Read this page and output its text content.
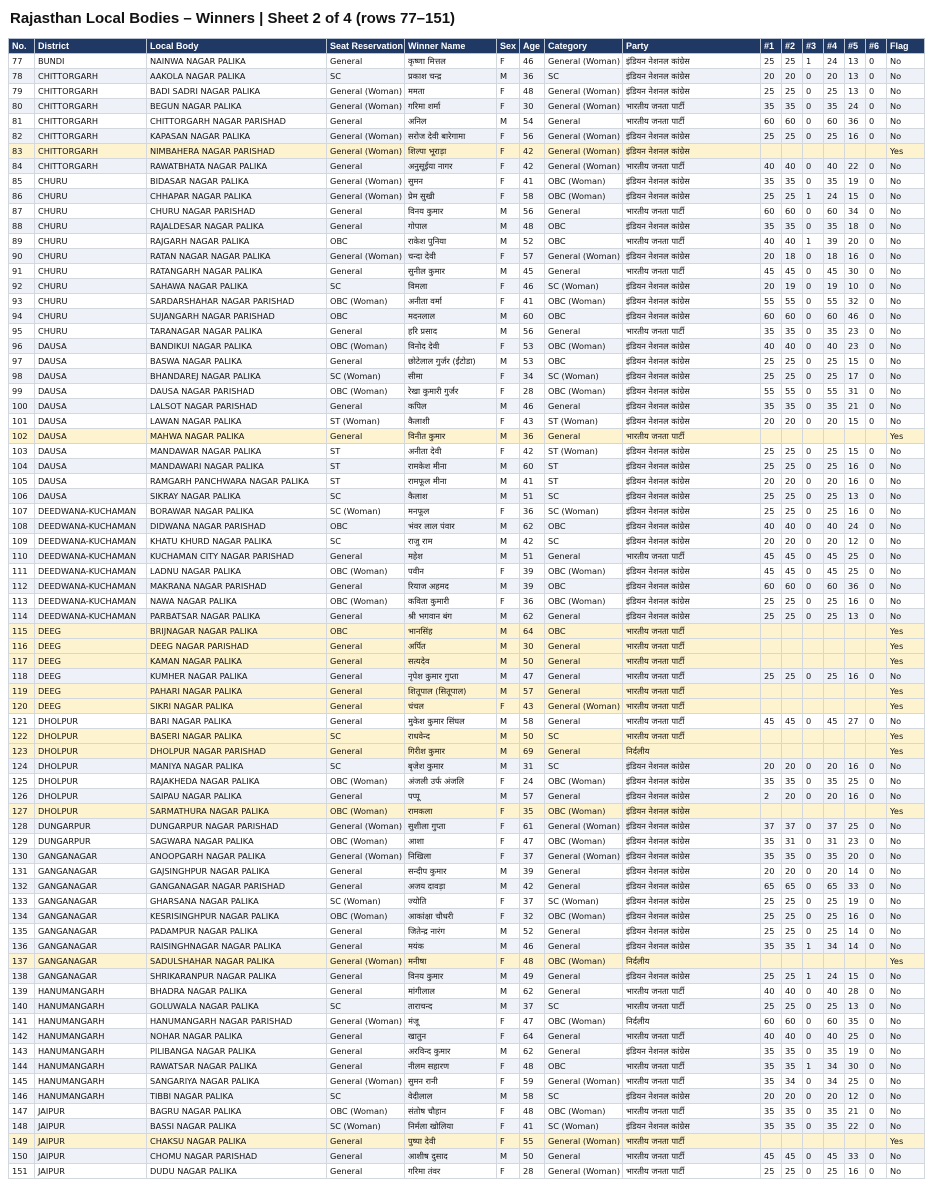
Rajasthan Local Bodies – Winners | Sheet 2 of 4 (rows 77–151)
No.	District	Local Body	Seat Reservation	Winner Name	Sex	Age	Category	Party	#1	#2	#3	#4	#5	#6	Flag
77	BUNDI	NAINWA NAGAR PALIKA	General	कृष्णा मित्तल	F	46	General (Woman)	इंडियन नेशनल कांग्रेस	25	25	1	24	13	0	No
78	CHITTORGARH	AAKOLA NAGAR PALIKA	SC	प्रकाश चन्द्र	M	36	SC	इंडियन नेशनल कांग्रेस	20	20	0	20	13	0	No
79	CHITTORGARH	BADI SADRI NAGAR PALIKA	General (Woman)	ममता	F	48	General (Woman)	इंडियन नेशनल कांग्रेस	25	25	0	25	13	0	No
80	CHITTORGARH	BEGUN NAGAR PALIKA	General (Woman)	गरिमा शर्मा	F	30	General (Woman)	भारतीय जनता पार्टी	35	35	0	35	24	0	No
81	CHITTORGARH	CHITTORGARH NAGAR PARISHAD	General	अनिल	M	54	General	भारतीय जनता पार्टी	60	60	0	60	36	0	No
82	CHITTORGARH	KAPASAN NAGAR PALIKA	General (Woman)	सरोज देवी बारेगामा	F	56	General (Woman)	इंडियन नेशनल कांग्रेस	25	25	0	25	16	0	No
83	CHITTORGARH	NIMBAHERA NAGAR PARISHAD	General (Woman)	शिल्पा भूराड़ा	F	42	General (Woman)	इंडियन नेशनल कांग्रेस							Yes
84	CHITTORGARH	RAWATBHATA NAGAR PALIKA	General	अनुसूईया नागर	F	42	General (Woman)	भारतीय जनता पार्टी	40	40	0	40	22	0	No
85	CHURU	BIDASAR NAGAR PALIKA	General (Woman)	सुमन	F	41	OBC (Woman)	इंडियन नेशनल कांग्रेस	35	35	0	35	19	0	No
86	CHURU	CHHAPAR NAGAR PALIKA	General (Woman)	प्रेम सुखी	F	58	OBC (Woman)	इंडियन नेशनल कांग्रेस	25	25	1	24	15	0	No
87	CHURU	CHURU NAGAR PARISHAD	General	विनय कुमार	M	56	General	भारतीय जनता पार्टी	60	60	0	60	34	0	No
88	CHURU	RAJALDESAR NAGAR PALIKA	General	गोपाल	M	48	OBC	इंडियन नेशनल कांग्रेस	35	35	0	35	18	0	No
89	CHURU	RAJGARH NAGAR PALIKA	OBC	राकेश पुनिया	M	52	OBC	भारतीय जनता पार्टी	40	40	1	39	20	0	No
90	CHURU	RATAN NAGAR NAGAR PALIKA	General (Woman)	चन्दा देवी	F	57	General (Woman)	इंडियन नेशनल कांग्रेस	20	18	0	18	16	0	No
91	CHURU	RATANGARH NAGAR PALIKA	General	सुनील कुमार	M	45	General	भारतीय जनता पार्टी	45	45	0	45	30	0	No
92	CHURU	SAHAWA NAGAR PALIKA	SC	विमला	F	46	SC (Woman)	इंडियन नेशनल कांग्रेस	20	19	0	19	10	0	No
93	CHURU	SARDARSHAHAR NAGAR PARISHAD	OBC (Woman)	अनीता वर्मा	F	41	OBC (Woman)	इंडियन नेशनल कांग्रेस	55	55	0	55	32	0	No
94	CHURU	SUJANGARH NAGAR PARISHAD	OBC	मदनलाल	M	60	OBC	इंडियन नेशनल कांग्रेस	60	60	0	60	46	0	No
95	CHURU	TARANAGAR NAGAR PALIKA	General	हरि प्रसाद	M	56	General	भारतीय जनता पार्टी	35	35	0	35	23	0	No
96	DAUSA	BANDIKUI NAGAR PALIKA	OBC (Woman)	विनोद देवी	F	53	OBC (Woman)	इंडियन नेशनल कांग्रेस	40	40	0	40	23	0	No
97	DAUSA	BASWA NAGAR PALIKA	General	छोटेलाल गुर्जर (ईंटोडा)	M	53	OBC	इंडियन नेशनल कांग्रेस	25	25	0	25	15	0	No
98	DAUSA	BHANDAREJ NAGAR PALIKA	SC (Woman)	सीमा	F	34	SC (Woman)	इंडियन नेशनल कांग्रेस	25	25	0	25	17	0	No
99	DAUSA	DAUSA NAGAR PARISHAD	OBC (Woman)	रेखा कुमारी गुर्जर	F	28	OBC (Woman)	इंडियन नेशनल कांग्रेस	55	55	0	55	31	0	No
100	DAUSA	LALSOT NAGAR PARISHAD	General	कपिल	M	46	General	इंडियन नेशनल कांग्रेस	35	35	0	35	21	0	No
101	DAUSA	LAWAN NAGAR PALIKA	ST (Woman)	कैलाशी	F	43	ST (Woman)	इंडियन नेशनल कांग्रेस	20	20	0	20	15	0	No
102	DAUSA	MAHWA NAGAR PALIKA	General	विनीत कुमार	M	36	General	भारतीय जनता पार्टी							Yes
103	DAUSA	MANDAWAR NAGAR PALIKA	ST	अनीता देवी	F	42	ST (Woman)	इंडियन नेशनल कांग्रेस	25	25	0	25	15	0	No
104	DAUSA	MANDAWARI NAGAR PALIKA	ST	रामकेश मीना	M	60	ST	इंडियन नेशनल कांग्रेस	25	25	0	25	16	0	No
105	DAUSA	RAMGARH PANCHWARA NAGAR PALIKA	ST	रामफूल मीना	M	41	ST	इंडियन नेशनल कांग्रेस	20	20	0	20	16	0	No
106	DAUSA	SIKRAY NAGAR PALIKA	SC	कैलाश	M	51	SC	इंडियन नेशनल कांग्रेस	25	25	0	25	13	0	No
107	DEEDWANA-KUCHAMAN	BORAWAR NAGAR PALIKA	SC (Woman)	मनफूल	F	36	SC (Woman)	इंडियन नेशनल कांग्रेस	25	25	0	25	16	0	No
108	DEEDWANA-KUCHAMAN	DIDWANA NAGAR PARISHAD	OBC	भंवर लाल पंवार	M	62	OBC	इंडियन नेशनल कांग्रेस	40	40	0	40	24	0	No
109	DEEDWANA-KUCHAMAN	KHATU KHURD NAGAR PALIKA	SC	राजु राम	M	42	SC	इंडियन नेशनल कांग्रेस	20	20	0	20	12	0	No
110	DEEDWANA-KUCHAMAN	KUCHAMAN CITY NAGAR PARISHAD	General	महेश	M	51	General	भारतीय जनता पार्टी	45	45	0	45	25	0	No
111	DEEDWANA-KUCHAMAN	LADNU NAGAR PALIKA	OBC (Woman)	पवीन	F	39	OBC (Woman)	इंडियन नेशनल कांग्रेस	45	45	0	45	25	0	No
112	DEEDWANA-KUCHAMAN	MAKRANA NAGAR PARISHAD	General	रियाज अहमद	M	39	OBC	इंडियन नेशनल कांग्रेस	60	60	0	60	36	0	No
113	DEEDWANA-KUCHAMAN	NAWA NAGAR PALIKA	OBC (Woman)	कविता कुमारी	F	36	OBC (Woman)	इंडियन नेशनल कांग्रेस	25	25	0	25	16	0	No
114	DEEDWANA-KUCHAMAN	PARBATSAR NAGAR PALIKA	General	श्री भगवान बंग	M	62	General	इंडियन नेशनल कांग्रेस	25	25	0	25	13	0	No
115	DEEG	BRIJNAGAR NAGAR PALIKA	OBC	भानसिंह	M	64	OBC	भारतीय जनता पार्टी							Yes
116	DEEG	DEEG NAGAR PARISHAD	General	अर्पित	M	30	General	भारतीय जनता पार्टी							Yes
117	DEEG	KAMAN NAGAR PALIKA	General	सत्यदेव	M	50	General	भारतीय जनता पार्टी							Yes
118	DEEG	KUMHER NAGAR PALIKA	General	नृपेश कुमार गुप्ता	M	47	General	भारतीय जनता पार्टी	25	25	0	25	16	0	No
119	DEEG	PAHARI NAGAR PALIKA	General	शितूपाल (सितूपाल)	M	57	General	भारतीय जनता पार्टी							Yes
120	DEEG	SIKRI NAGAR PALIKA	General	चंचल	F	43	General (Woman)	भारतीय जनता पार्टी							Yes
121	DHOLPUR	BARI NAGAR PALIKA	General	मुकेश कुमार सिंघल	M	58	General	भारतीय जनता पार्टी	45	45	0	45	27	0	No
122	DHOLPUR	BASERI NAGAR PALIKA	SC	राधवेन्द	M	50	SC	भारतीय जनता पार्टी							Yes
123	DHOLPUR	DHOLPUR NAGAR PARISHAD	General	गिरीश कुमार	M	69	General	निर्दलीय							Yes
124	DHOLPUR	MANIYA NAGAR PALIKA	SC	बृजेश कुमार	M	31	SC	इंडियन नेशनल कांग्रेस	20	20	0	20	16	0	No
125	DHOLPUR	RAJAKHEDA NAGAR PALIKA	OBC (Woman)	अंजली उर्फ अंजलि	F	24	OBC (Woman)	इंडियन नेशनल कांग्रेस	35	35	0	35	25	0	No
126	DHOLPUR	SAIPAU NAGAR PALIKA	General	पप्पू	M	57	General	इंडियन नेशनल कांग्रेस	2	20	0	20	16	0	No
127	DHOLPUR	SARMATHURA NAGAR PALIKA	OBC (Woman)	रामकला	F	35	OBC (Woman)	इंडियन नेशनल कांग्रेस							Yes
128	DUNGARPUR	DUNGARPUR NAGAR PARISHAD	General (Woman)	सुशीला गुप्ता	F	61	General (Woman)	इंडियन नेशनल कांग्रेस	37	37	0	37	25	0	No
129	DUNGARPUR	SAGWARA NAGAR PALIKA	OBC (Woman)	आशा	F	47	OBC (Woman)	इंडियन नेशनल कांग्रेस	35	31	0	31	23	0	No
130	GANGANAGAR	ANOOPGARH NAGAR PALIKA	General (Woman)	निखिला	F	37	General (Woman)	इंडियन नेशनल कांग्रेस	35	35	0	35	20	0	No
131	GANGANAGAR	GAJSINGHPUR NAGAR PALIKA	General	सन्दीप कुमार	M	39	General	इंडियन नेशनल कांग्रेस	20	20	0	20	14	0	No
132	GANGANAGAR	GANGANAGAR NAGAR PARISHAD	General	अजय दावड़ा	M	42	General	इंडियन नेशनल कांग्रेस	65	65	0	65	33	0	No
133	GANGANAGAR	GHARSANA NAGAR PALIKA	SC (Woman)	ज्योति	F	37	SC (Woman)	इंडियन नेशनल कांग्रेस	25	25	0	25	19	0	No
134	GANGANAGAR	KESRISINGHPUR NAGAR PALIKA	OBC (Woman)	आकांक्षा चौधरी	F	32	OBC (Woman)	इंडियन नेशनल कांग्रेस	25	25	0	25	16	0	No
135	GANGANAGAR	PADAMPUR NAGAR PALIKA	General	जितेन्द्र नारंग	M	52	General	इंडियन नेशनल कांग्रेस	25	25	0	25	14	0	No
136	GANGANAGAR	RAISINGHNAGAR NAGAR PALIKA	General	मयंक	M	46	General	इंडियन नेशनल कांग्रेस	35	35	1	34	14	0	No
137	GANGANAGAR	SADULSHAHAR NAGAR PALIKA	General (Woman)	मनीषा	F	48	OBC (Woman)	निर्दलीय							Yes
138	GANGANAGAR	SHRIKARANPUR NAGAR PALIKA	General	विनय कुमार	M	49	General	इंडियन नेशनल कांग्रेस	25	25	1	24	15	0	No
139	HANUMANGARH	BHADRA NAGAR PALIKA	General	मांगीलाल	M	62	General	भारतीय जनता पार्टी	40	40	0	40	28	0	No
140	HANUMANGARH	GOLUWALA NAGAR PALIKA	SC	ताराचन्द	M	37	SC	भारतीय जनता पार्टी	25	25	0	25	13	0	No
141	HANUMANGARH	HANUMANGARH NAGAR PARISHAD	General (Woman)	मंजू	F	47	OBC (Woman)	निर्दलीय	60	60	0	60	35	0	No
142	HANUMANGARH	NOHAR NAGAR PALIKA	General	खातुन	F	64	General	भारतीय जनता पार्टी	40	40	0	40	25	0	No
143	HANUMANGARH	PILIBANGA NAGAR PALIKA	General	अरविन्द कुमार	M	62	General	इंडियन नेशनल कांग्रेस	35	35	0	35	19	0	No
144	HANUMANGARH	RAWATSAR NAGAR PALIKA	General	नीलम सहारण	F	48	OBC	भारतीय जनता पार्टी	35	35	1	34	30	0	No
145	HANUMANGARH	SANGARIYA NAGAR PALIKA	General (Woman)	सुमन रानी	F	59	General (Woman)	भारतीय जनता पार्टी	35	34	0	34	25	0	No
146	HANUMANGARH	TIBBI NAGAR PALIKA	SC	वेदीलाल	M	58	SC	इंडियन नेशनल कांग्रेस	20	20	0	20	12	0	No
147	JAIPUR	BAGRU NAGAR PALIKA	OBC (Woman)	संतोष चौहान	F	48	OBC (Woman)	भारतीय जनता पार्टी	35	35	0	35	21	0	No
148	JAIPUR	BASSI NAGAR PALIKA	SC (Woman)	निर्मला खोलिया	F	41	SC (Woman)	इंडियन नेशनल कांग्रेस	35	35	0	35	22	0	No
149	JAIPUR	CHAKSU NAGAR PALIKA	General	पुष्पा देवी	F	55	General (Woman)	भारतीय जनता पार्टी							Yes
150	JAIPUR	CHOMU NAGAR PARISHAD	General	आशीष दुसाद	M	50	General	भारतीय जनता पार्टी	45	45	0	45	33	0	No
151	JAIPUR	DUDU NAGAR PALIKA	General	गरिमा तंवर	F	28	General (Woman)	भारतीय जनता पार्टी	25	25	0	25	16	0	No
